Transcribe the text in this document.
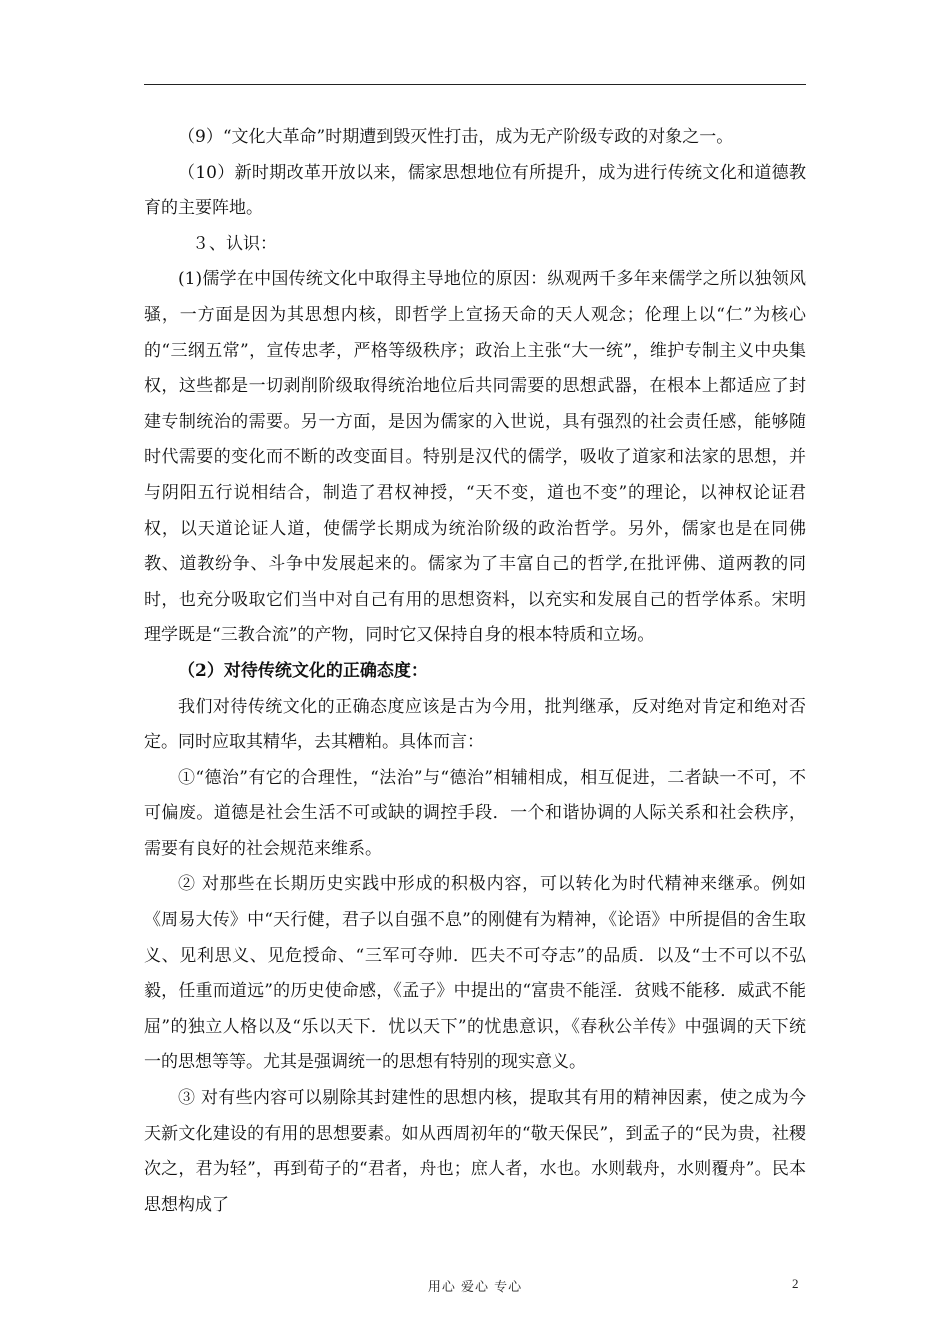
（9）“文化大革命”时期遭到毁灭性打击，成为无产阶级专政的对象之一。

（10）新时期改革开放以来，儒家思想地位有所提升，成为进行传统文化和道德教育的主要阵地。

３、认识：

(1)儒学在中国传统文化中取得主导地位的原因：纵观两千多年来儒学之所以独领风骚，一方面是因为其思想内核，即哲学上宣扬天命的天人观念；伦理上以“仁”为核心的“三纲五常”，宣传忠孝，严格等级秩序；政治上主张“大一统”，维护专制主义中央集权，这些都是一切剥削阶级取得统治地位后共同需要的思想武器，在根本上都适应了封建专制统治的需要。另一方面，是因为儒家的入世说，具有强烈的社会责任感，能够随时代需要的变化而不断的改变面目。特别是汉代的儒学，吸收了道家和法家的思想，并与阴阳五行说相结合，制造了君权神授，“天不变，道也不变”的理论，以神权论证君权，以天道论证人道，使儒学长期成为统治阶级的政治哲学。另外，儒家也是在同佛教、道教纷争、斗争中发展起来的。儒家为了丰富自己的哲学,在批评佛、道两教的同时，也充分吸取它们当中对自己有用的思想资料，以充实和发展自己的哲学体系。宋明理学既是“三教合流”的产物，同时它又保持自身的根本特质和立场。

（2）对待传统文化的正确态度：

我们对待传统文化的正确态度应该是古为今用，批判继承，反对绝对肯定和绝对否定。同时应取其精华，去其糟粕。具体而言：

①“德治”有它的合理性，“法治”与“德治”相辅相成，相互促进，二者缺一不可，不可偏废。道德是社会生活不可或缺的调控手段．一个和谐协调的人际关系和社会秩序，需要有良好的社会规范来维系。

② 对那些在长期历史实践中形成的积极内容，可以转化为时代精神来继承。例如《周易大传》中“天行健，君子以自强不息”的刚健有为精神，《论语》中所提倡的舍生取义、见利思义、见危授命、“三军可夺帅．匹夫不可夺志”的品质．以及“士不可以不弘毅，任重而道远”的历史使命感，《孟子》中提出的“富贵不能淫．贫贱不能移．威武不能屈”的独立人格以及“乐以天下．忧以天下”的忧患意识，《春秋公羊传》中强调的天下统一的思想等等。尤其是强调统一的思想有特别的现实意义。

③ 对有些内容可以剔除其封建性的思想内核，提取其有用的精神因素，使之成为今天新文化建设的有用的思想要素。如从西周初年的“敬天保民”，到孟子的“民为贵，社稷次之，君为轻”，再到荀子的“君者，舟也；庶人者，水也。水则载舟，水则覆舟”。民本思想构成了

用心 爱心 专心	2
